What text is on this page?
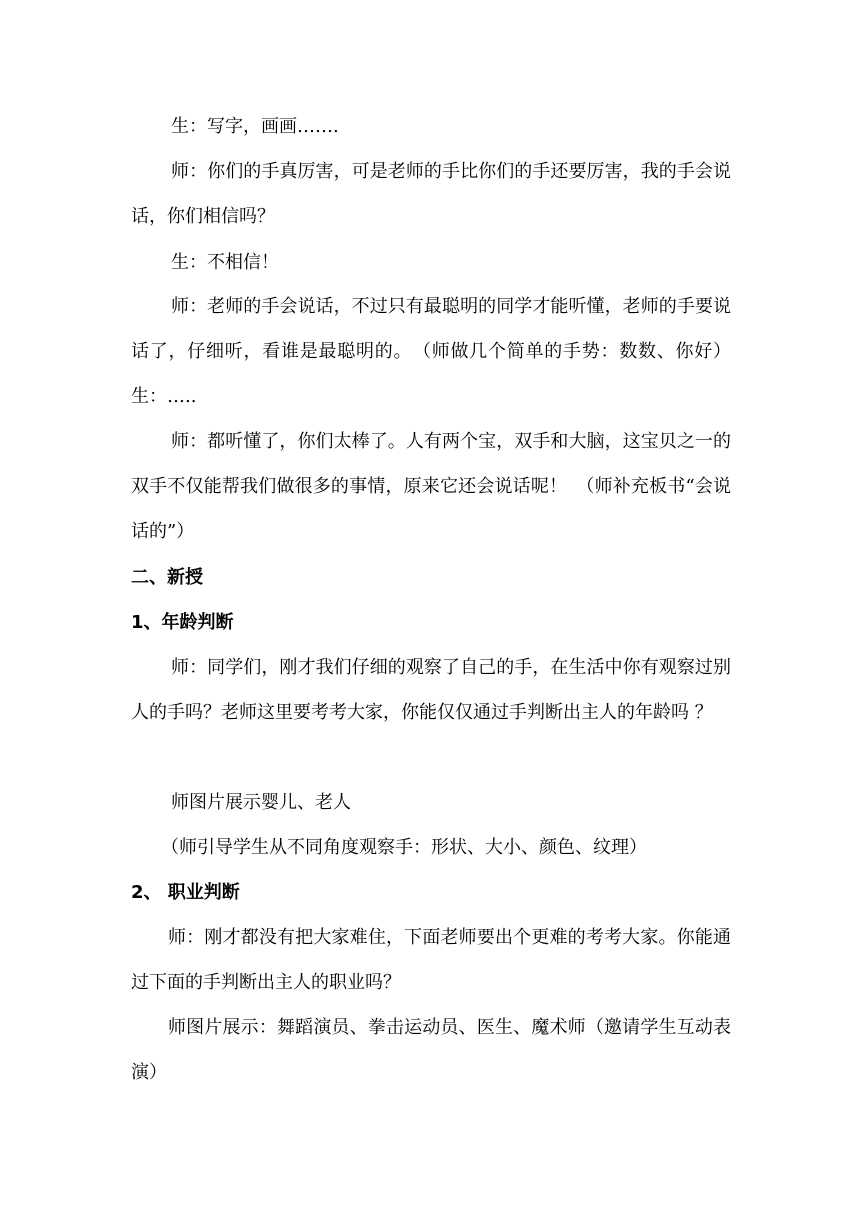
生：写字，画画…….

师：你们的手真厉害，可是老师的手比你们的手还要厉害，我的手会说话，你们相信吗？

生：不相信！

师：老师的手会说话，不过只有最聪明的同学才能听懂，老师的手要说话了，仔细听，看谁是最聪明的。　（师做几个简单的手势：数数、你好）生：…..

师：都听懂了，你们太棒了。人有两个宝，双手和大脑，这宝贝之一的双手不仅能帮我们做很多的事情，原来它还会说话呢！　（师补充板书“会说话的”）

二、新授

1、年龄判断

师：同学们，刚才我们仔细的观察了自己的手，在生活中你有观察过别人的手吗？老师这里要考考大家，你能仅仅通过手判断出主人的年龄吗 ？

师图片展示婴儿、老人

（师引导学生从不同角度观察手：形状、大小、颜色、纹理）

2、 职业判断

师：刚才都没有把大家难住，下面老师要出个更难的考考大家。你能通过下面的手判断出主人的职业吗？

师图片展示：舞蹈演员、拳击运动员、医生、魔术师（邀请学生互动表演）
